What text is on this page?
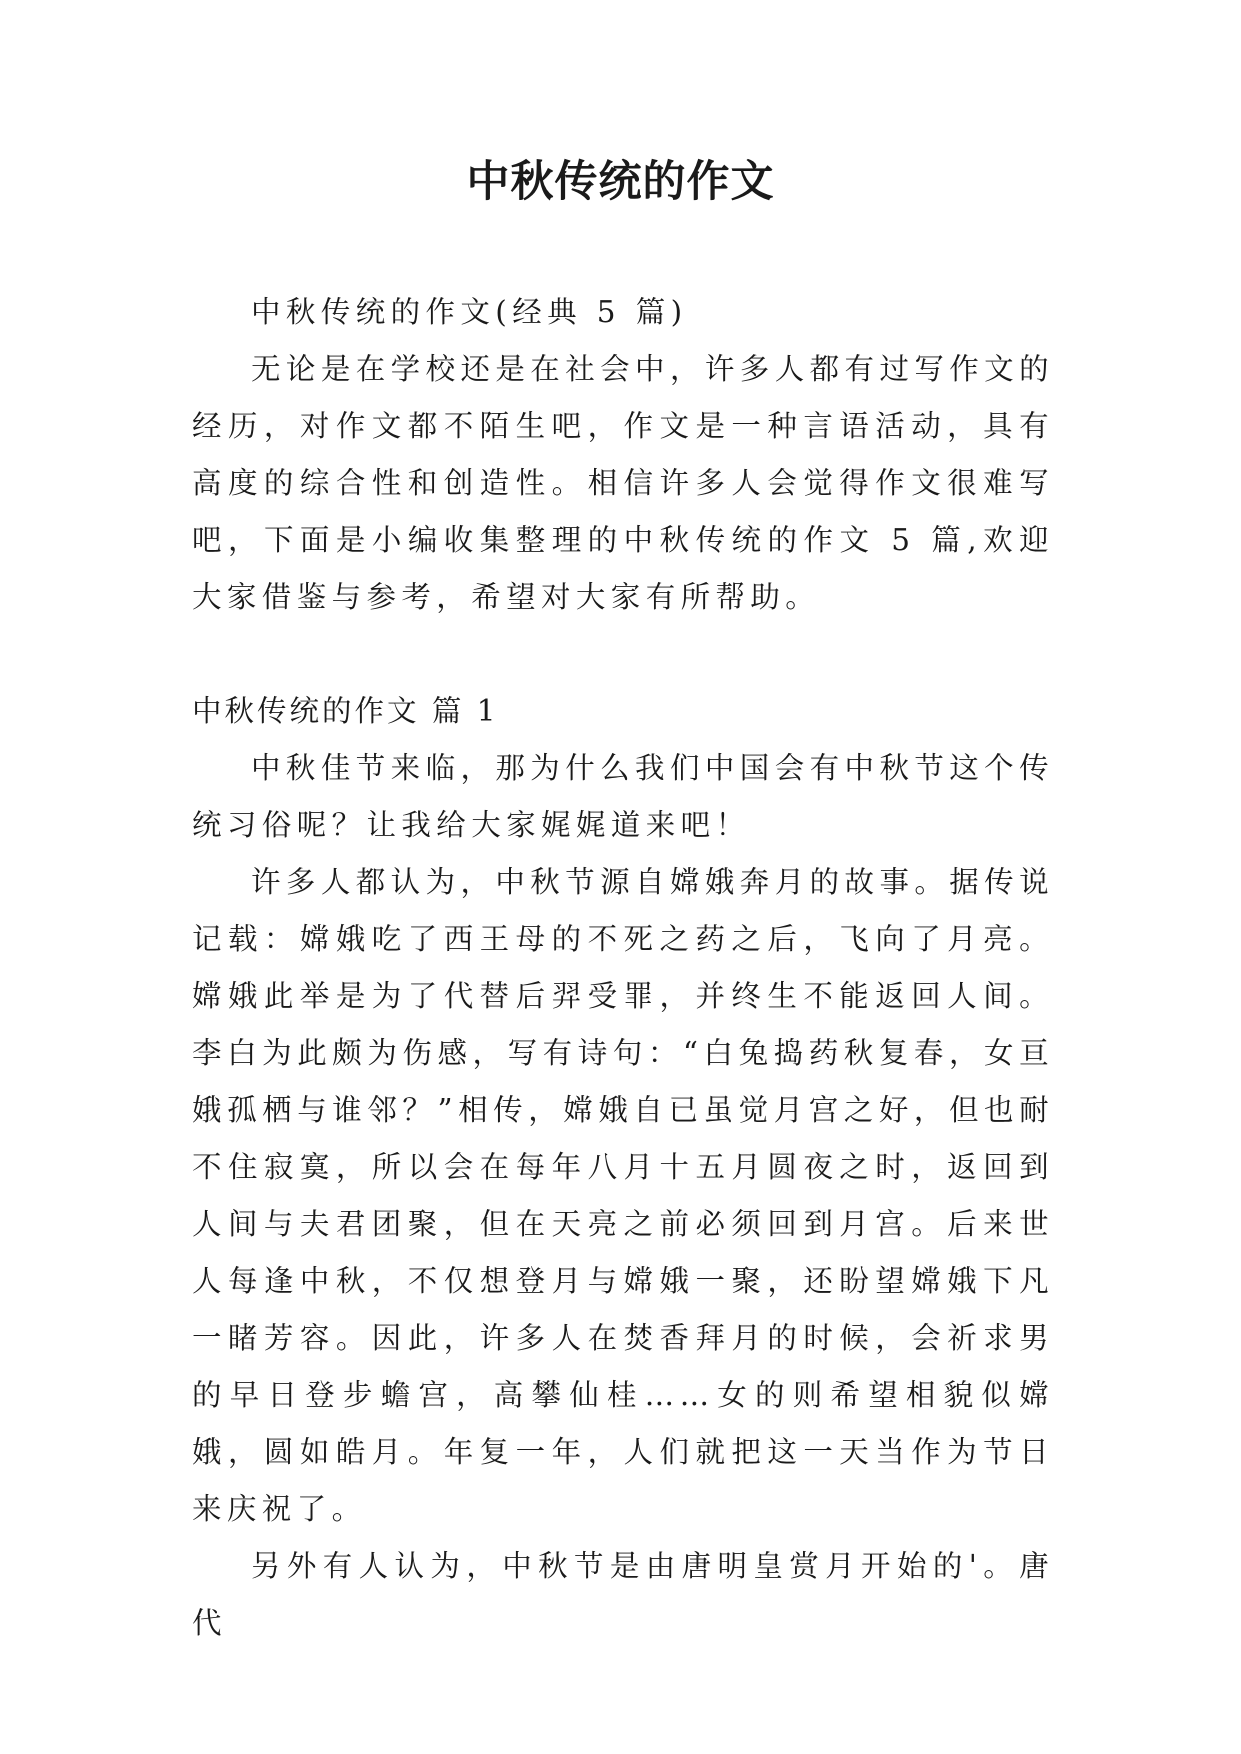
中秋传统的作文

中秋传统的作文(经典 5 篇)

无论是在学校还是在社会中，许多人都有过写作文的经历，对作文都不陌生吧，作文是一种言语活动，具有高度的综合性和创造性。相信许多人会觉得作文很难写吧，下面是小编收集整理的中秋传统的作文 5 篇,欢迎大家借鉴与参考，希望对大家有所帮助。

中秋传统的作文 篇 1

中秋佳节来临，那为什么我们中国会有中秋节这个传统习俗呢？让我给大家娓娓道来吧！

许多人都认为，中秋节源自嫦娥奔月的故事。据传说记载：嫦娥吃了西王母的不死之药之后，飞向了月亮。嫦娥此举是为了代替后羿受罪，并终生不能返回人间。李白为此颇为伤感，写有诗句：“白兔捣药秋复春，女亘娥孤栖与谁邻？”相传，嫦娥自已虽觉月宫之好，但也耐不住寂寞，所以会在每年八月十五月圆夜之时，返回到人间与夫君团聚，但在天亮之前必须回到月宫。后来世人每逢中秋，不仅想登月与嫦娥一聚，还盼望嫦娥下凡一睹芳容。因此，许多人在焚香拜月的时候，会祈求男的早日登步蟾宫，高攀仙桂……女的则希望相貌似嫦娥，圆如皓月。年复一年，人们就把这一天当作为节日来庆祝了。

另外有人认为，中秋节是由唐明皇赏月开始的'。唐代
